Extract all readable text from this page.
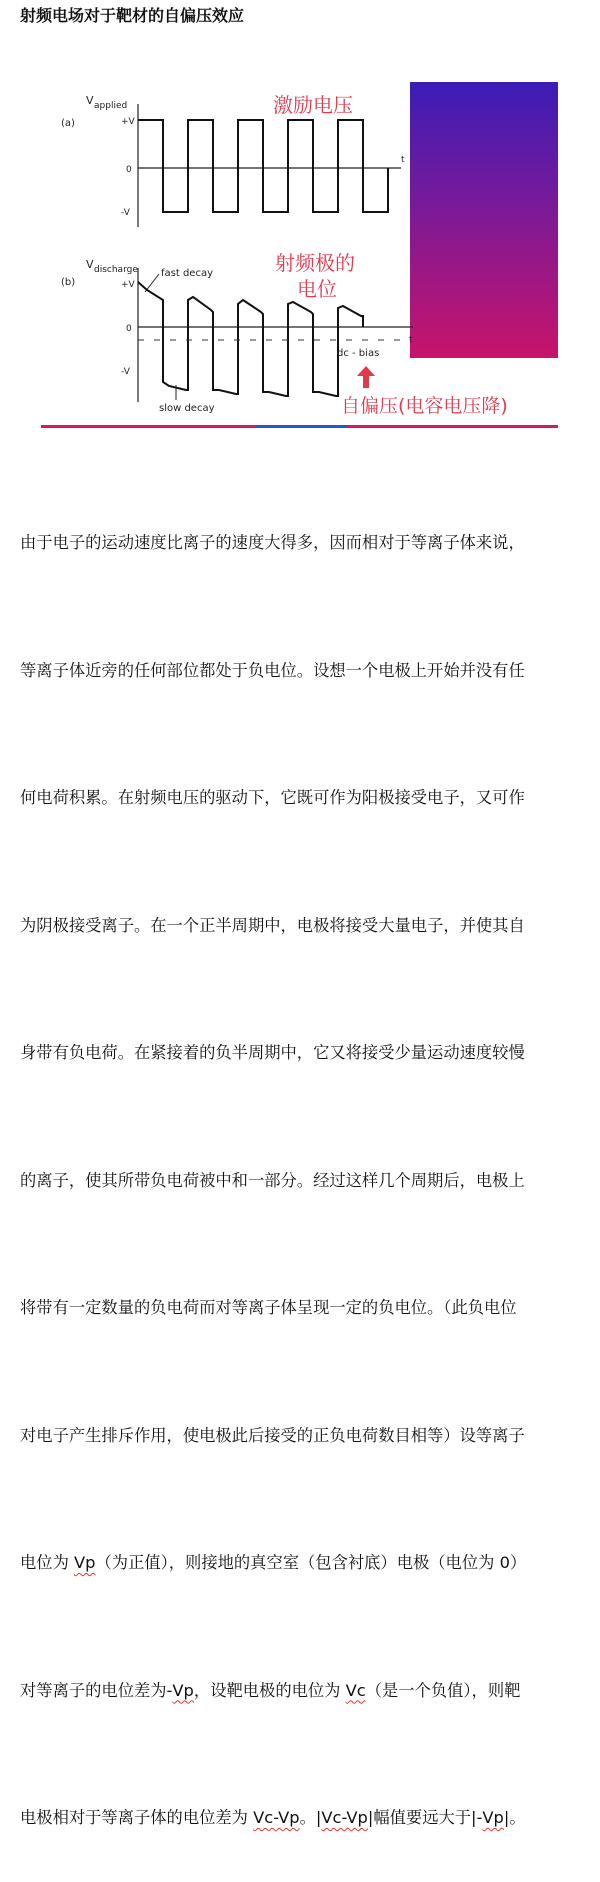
射频电场对于靶材的自偏压效应
(a)
V applied
+V
0
-V
t
激励电压
(b)
V discharge
+V
0
-V
t
fast decay
dc - bias
slow decay
射频极的
电位
自偏压(电容电压降)

由于电子的运动速度比离子的速度大得多，因而相对于等离子体来说，

等离子体近旁的任何部位都处于负电位。设想一个电极上开始并没有任

何电荷积累。在射频电压的驱动下，它既可作为阳极接受电子，又可作

为阴极接受离子。在一个正半周期中，电极将接受大量电子，并使其自

身带有负电荷。在紧接着的负半周期中，它又将接受少量运动速度较慢

的离子，使其所带负电荷被中和一部分。经过这样几个周期后，电极上

将带有一定数量的负电荷而对等离子体呈现一定的负电位。（此负电位

对电子产生排斥作用，使电极此后接受的正负电荷数目相等）设等离子

电位为 Vp（为正值），则接地的真空室（包含衬底）电极（电位为 0）

对等离子的电位差为-Vp，设靶电极的电位为 Vc（是一个负值），则靶

电极相对于等离子体的电位差为 Vc-Vp。|Vc-Vp|幅值要远大于|-Vp|。
